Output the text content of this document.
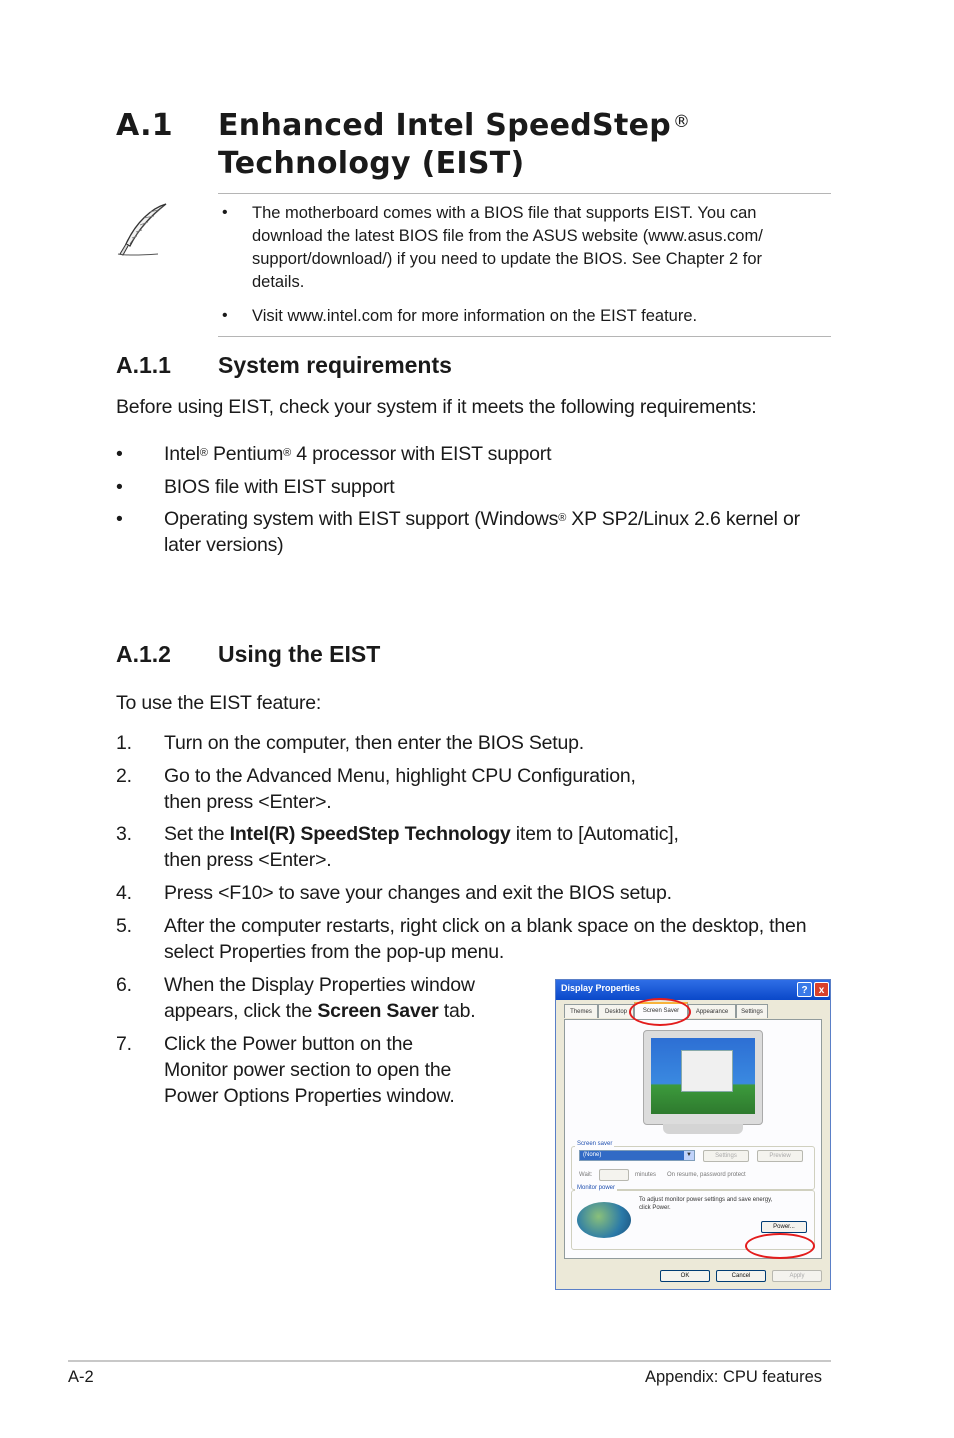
A.1 Enhanced Intel SpeedStep ®
Technology (EIST)
• The motherboard comes with a BIOS file that supports EIST. You can
download the latest BIOS file from the ASUS website (www.asus.com/
support/download/) if you need to update the BIOS. See Chapter 2 for
details.
• Visit www.intel.com for more information on the EIST feature.
A.1.1 System requirements
Before using EIST, check your system if it meets the following requirements:
• Intel® Pentium® 4 processor with EIST support
• BIOS file with EIST support
• Operating system with EIST support (Windows® XP SP2/Linux 2.6 kernel or
later versions)
A.1.2 Using the EIST
To use the EIST feature:
1. Turn on the computer, then enter the BIOS Setup.
2. Go to the Advanced Menu, highlight CPU Configuration,
then press <Enter>.
3. Set the Intel(R) SpeedStep Technology item to [Automatic],
then press <Enter>.
4. Press <F10> to save your changes and exit the BIOS setup.
5. After the computer restarts, right click on a blank space on the desktop, then
select Properties from the pop-up menu.
6. When the Display Properties window
appears, click the Screen Saver tab.
7. Click the Power button on the
Monitor power section to open the
Power Options Properties window.
Display Properties	?	x
Themes	Desktop	Screen Saver	Appearance	Settings
Screen saver
(None)	▼	Settings	Preview
Wait:	minutes On resume, password protect
Monitor power
To adjust monitor power settings and save energy,
click Power.
Power...
OK	Cancel	Apply
A-2	Appendix: CPU features
